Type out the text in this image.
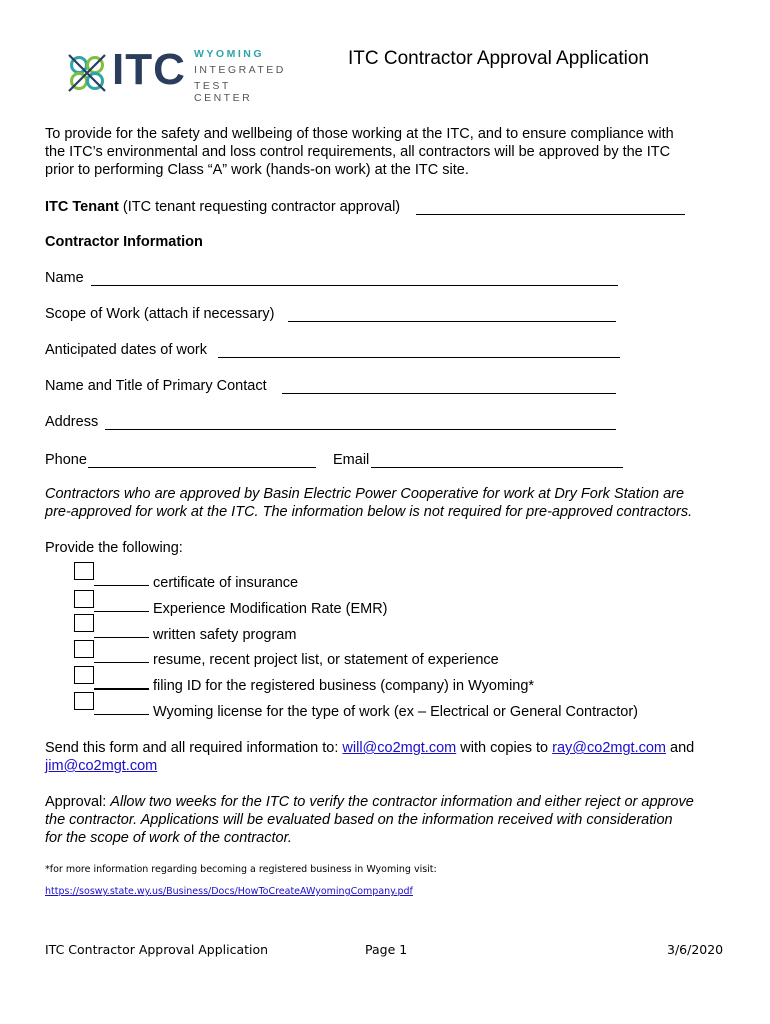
ITC WYOMING
INTEGRATED
TEST CENTER
ITC Contractor Approval Application
To provide for the safety and wellbeing of those working at the ITC, and to ensure compliance with
the ITC’s environmental and loss control requirements, all contractors will be approved by the ITC
prior to performing Class “A” work (hands-on work) at the ITC site.
ITC Tenant (ITC tenant requesting contractor approval)
Contractor Information
Name
Scope of Work (attach if necessary)
Anticipated dates of work
Name and Title of Primary Contact
Address
Phone	Email
Contractors who are approved by Basin Electric Power Cooperative for work at Dry Fork Station are
pre-approved for work at the ITC. The information below is not required for pre-approved contractors.
Provide the following:
certificate of insurance
Experience Modification Rate (EMR)
written safety program
resume, recent project list, or statement of experience
filing ID for the registered business (company) in Wyoming*
Wyoming license for the type of work (ex – Electrical or General Contractor)
Send this form and all required information to: will@co2mgt.com with copies to ray@co2mgt.com and
jim@co2mgt.com
Approval: Allow two weeks for the ITC to verify the contractor information and either reject or approve
the contractor. Applications will be evaluated based on the information received with consideration
for the scope of work of the contractor.
*for more information regarding becoming a registered business in Wyoming visit:
https://soswy.state.wy.us/Business/Docs/HowToCreateAWyomingCompany.pdf
ITC Contractor Approval Application	Page 1	3/6/2020
